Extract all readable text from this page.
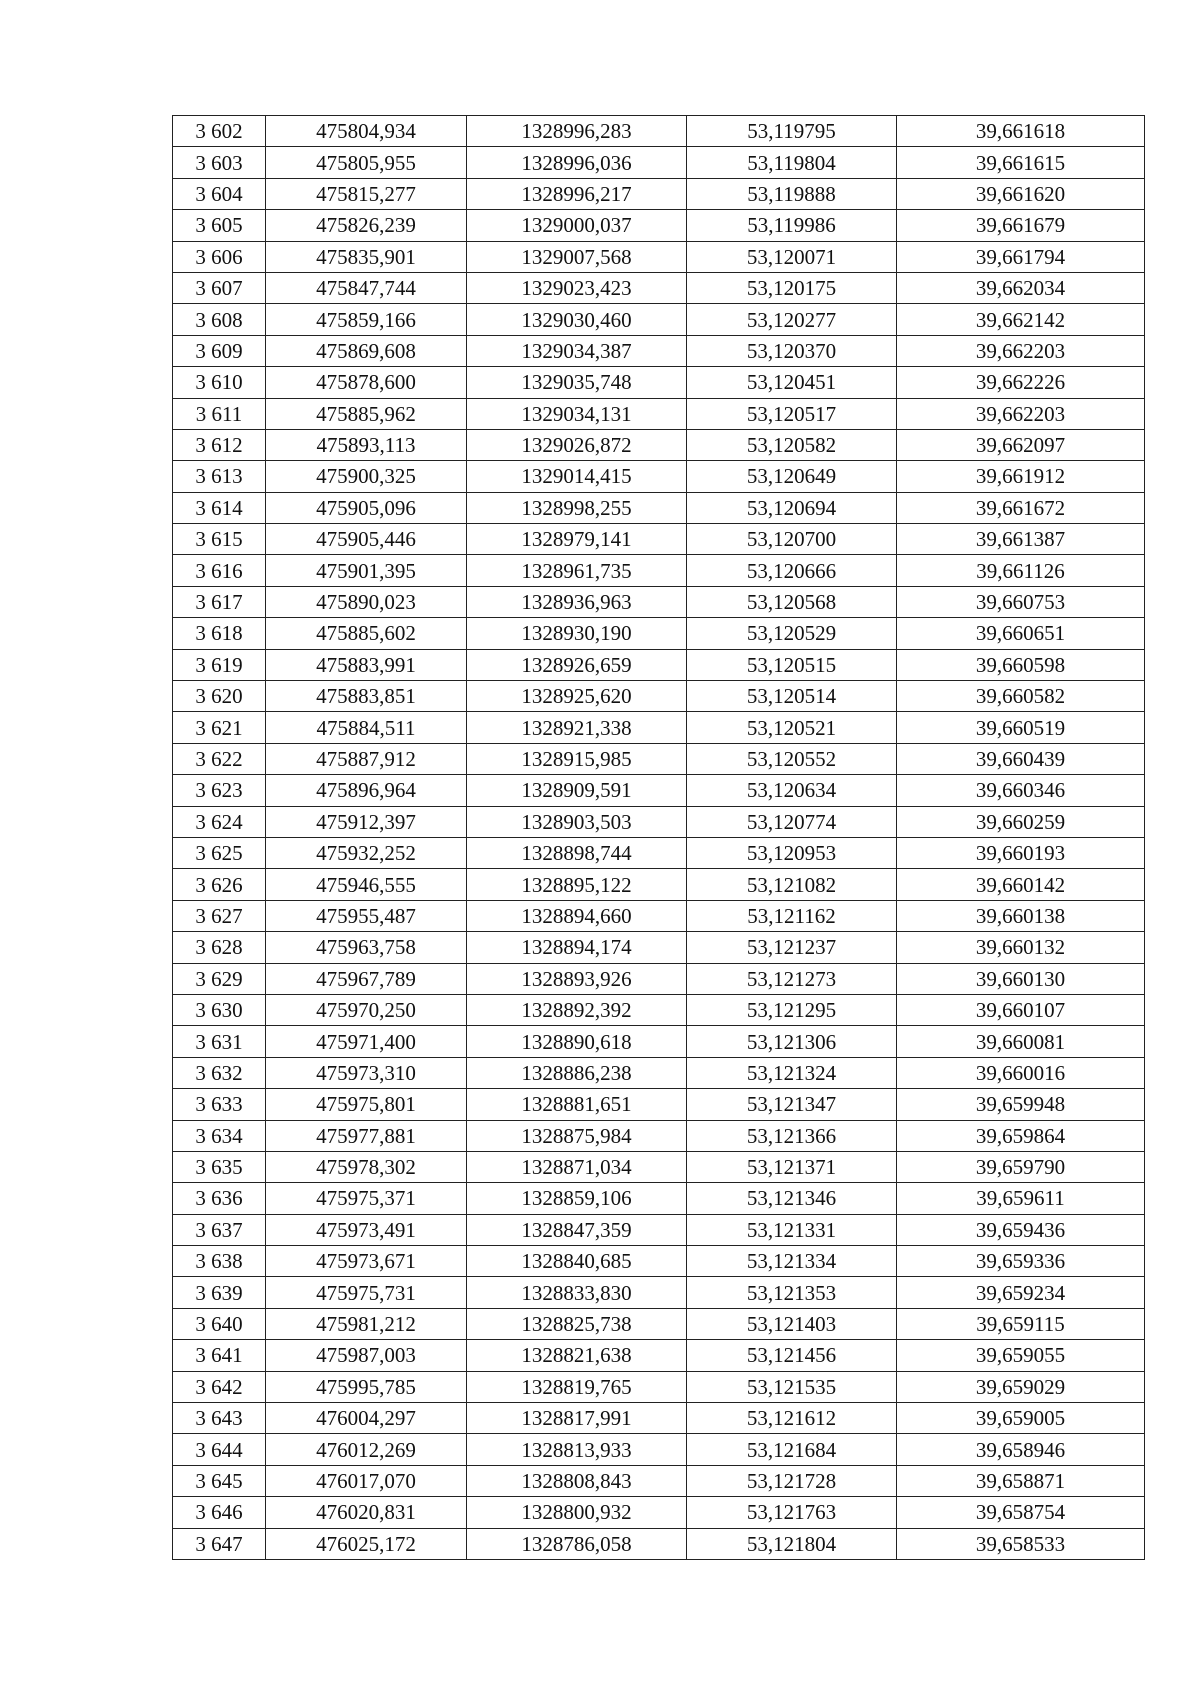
3 602	475804,934	1328996,283	53,119795	39,661618
3 603	475805,955	1328996,036	53,119804	39,661615
3 604	475815,277	1328996,217	53,119888	39,661620
3 605	475826,239	1329000,037	53,119986	39,661679
3 606	475835,901	1329007,568	53,120071	39,661794
3 607	475847,744	1329023,423	53,120175	39,662034
3 608	475859,166	1329030,460	53,120277	39,662142
3 609	475869,608	1329034,387	53,120370	39,662203
3 610	475878,600	1329035,748	53,120451	39,662226
3 611	475885,962	1329034,131	53,120517	39,662203
3 612	475893,113	1329026,872	53,120582	39,662097
3 613	475900,325	1329014,415	53,120649	39,661912
3 614	475905,096	1328998,255	53,120694	39,661672
3 615	475905,446	1328979,141	53,120700	39,661387
3 616	475901,395	1328961,735	53,120666	39,661126
3 617	475890,023	1328936,963	53,120568	39,660753
3 618	475885,602	1328930,190	53,120529	39,660651
3 619	475883,991	1328926,659	53,120515	39,660598
3 620	475883,851	1328925,620	53,120514	39,660582
3 621	475884,511	1328921,338	53,120521	39,660519
3 622	475887,912	1328915,985	53,120552	39,660439
3 623	475896,964	1328909,591	53,120634	39,660346
3 624	475912,397	1328903,503	53,120774	39,660259
3 625	475932,252	1328898,744	53,120953	39,660193
3 626	475946,555	1328895,122	53,121082	39,660142
3 627	475955,487	1328894,660	53,121162	39,660138
3 628	475963,758	1328894,174	53,121237	39,660132
3 629	475967,789	1328893,926	53,121273	39,660130
3 630	475970,250	1328892,392	53,121295	39,660107
3 631	475971,400	1328890,618	53,121306	39,660081
3 632	475973,310	1328886,238	53,121324	39,660016
3 633	475975,801	1328881,651	53,121347	39,659948
3 634	475977,881	1328875,984	53,121366	39,659864
3 635	475978,302	1328871,034	53,121371	39,659790
3 636	475975,371	1328859,106	53,121346	39,659611
3 637	475973,491	1328847,359	53,121331	39,659436
3 638	475973,671	1328840,685	53,121334	39,659336
3 639	475975,731	1328833,830	53,121353	39,659234
3 640	475981,212	1328825,738	53,121403	39,659115
3 641	475987,003	1328821,638	53,121456	39,659055
3 642	475995,785	1328819,765	53,121535	39,659029
3 643	476004,297	1328817,991	53,121612	39,659005
3 644	476012,269	1328813,933	53,121684	39,658946
3 645	476017,070	1328808,843	53,121728	39,658871
3 646	476020,831	1328800,932	53,121763	39,658754
3 647	476025,172	1328786,058	53,121804	39,658533
